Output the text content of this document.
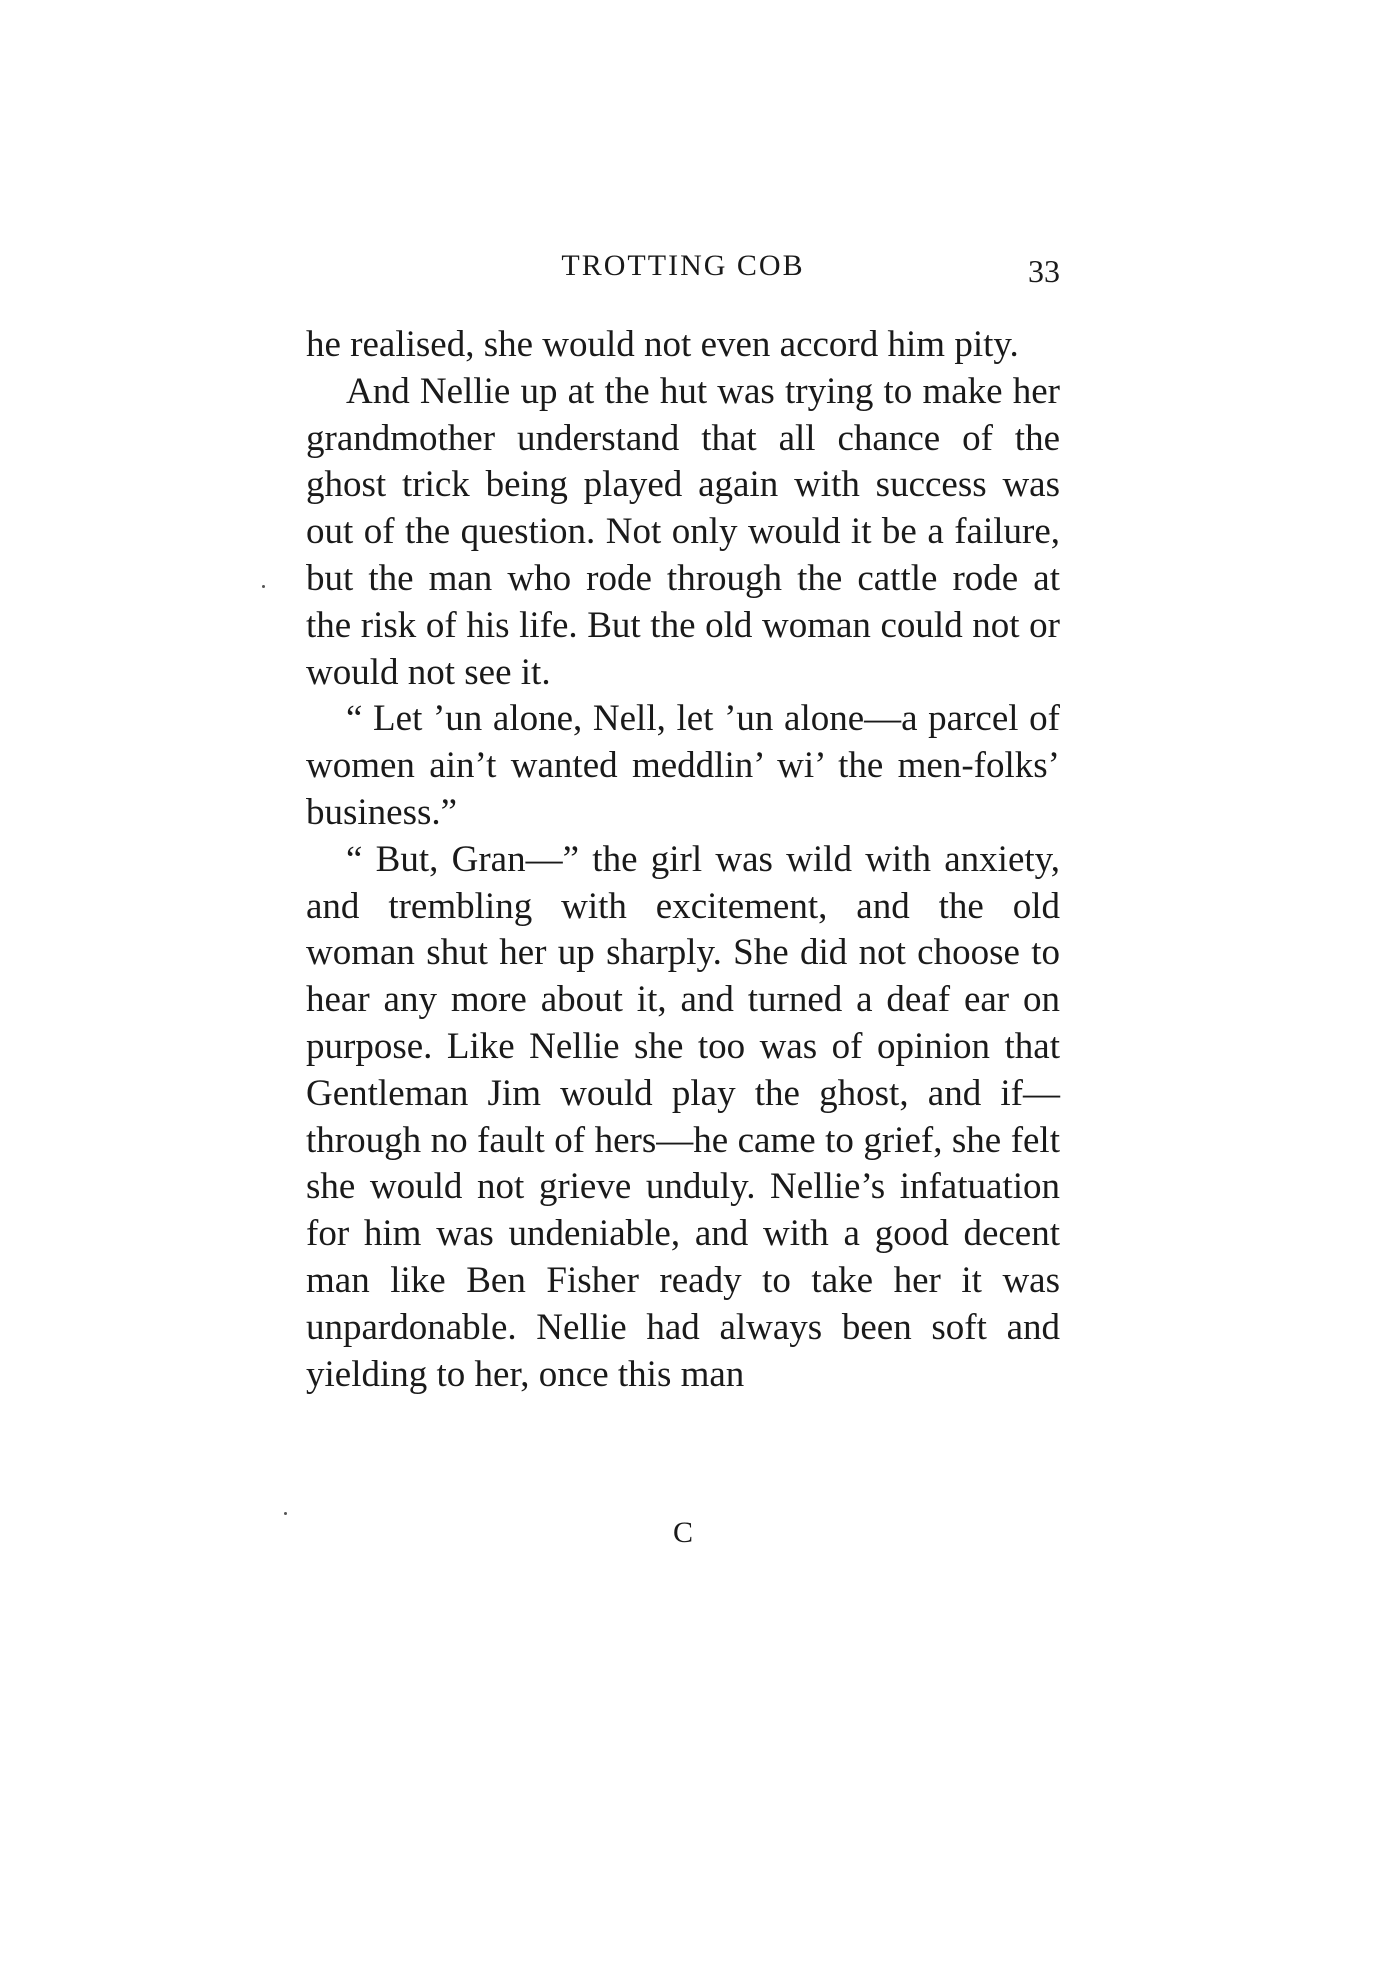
TROTTING COB	33

he realised, she would not even accord him pity.

And Nellie up at the hut was trying to make her grandmother understand that all chance of the ghost trick being played again with success was out of the question. Not only would it be a failure, but the man who rode through the cattle rode at the risk of his life. But the old woman could not or would not see it.

“ Let ’un alone, Nell, let ’un alone—a parcel of women ain’t wanted meddlin’ wi’ the men-folks’ business.”

“ But, Gran—” the girl was wild with anxiety, and trembling with excitement, and the old woman shut her up sharply. She did not choose to hear any more about it, and turned a deaf ear on purpose. Like Nellie she too was of opinion that Gentleman Jim would play the ghost, and if—through no fault of hers—he came to grief, she felt she would not grieve unduly. Nellie’s infatuation for him was undeniable, and with a good decent man like Ben Fisher ready to take her it was unpardonable. Nellie had always been soft and yielding to her, once this man

C
